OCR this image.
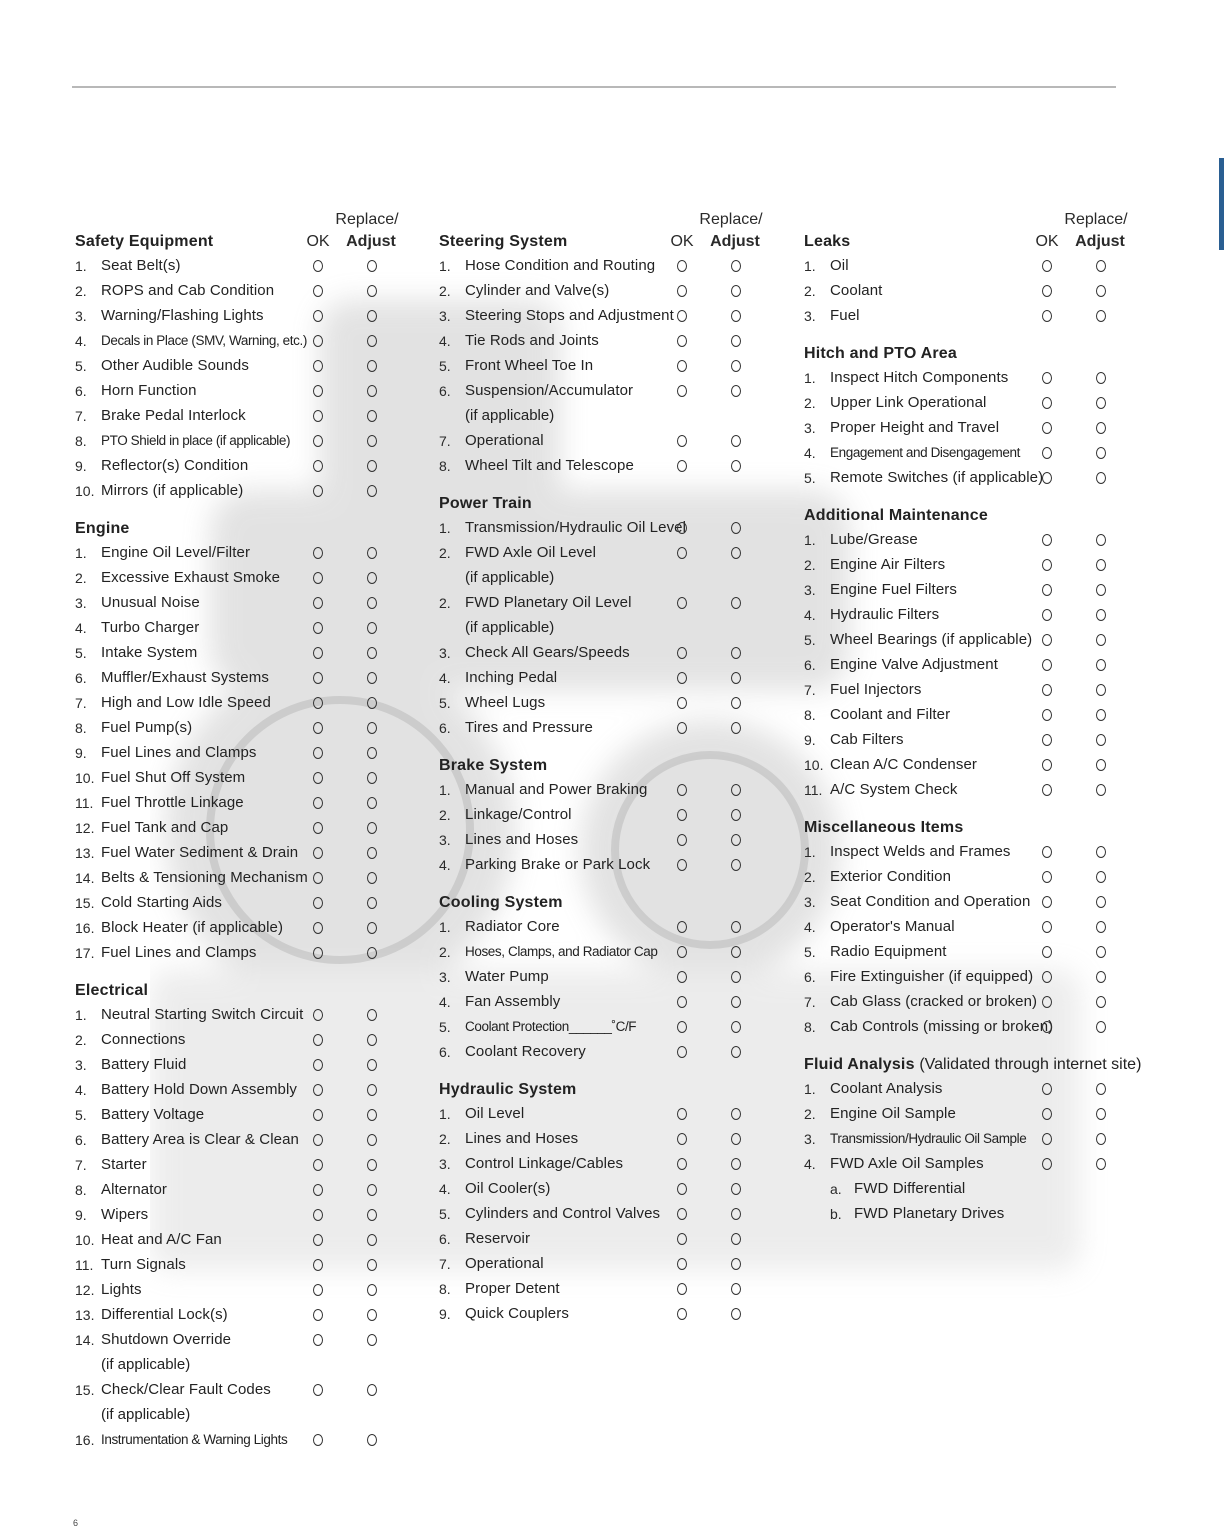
Replace/
Safety Equipment	OK	Adjust
1. Seat Belt(s)
2. ROPS and Cab Condition
3. Warning/Flashing Lights
4. Decals in Place (SMV, Warning, etc.)
5. Other Audible Sounds
6. Horn Function
7. Brake Pedal Interlock
8. PTO Shield in place (if applicable)
9. Reflector(s) Condition
10. Mirrors (if applicable)
Engine
1. Engine Oil Level/Filter
2. Excessive Exhaust Smoke
3. Unusual Noise
4. Turbo Charger
5. Intake System
6. Muffler/Exhaust Systems
7. High and Low Idle Speed
8. Fuel Pump(s)
9. Fuel Lines and Clamps
10. Fuel Shut Off System
11. Fuel Throttle Linkage
12. Fuel Tank and Cap
13. Fuel Water Sediment & Drain
14. Belts & Tensioning Mechanism
15. Cold Starting Aids
16. Block Heater (if applicable)
17. Fuel Lines and Clamps
Electrical
1. Neutral Starting Switch Circuit
2. Connections
3. Battery Fluid
4. Battery Hold Down Assembly
5. Battery Voltage
6. Battery Area is Clear & Clean
7. Starter
8. Alternator
9. Wipers
10. Heat and A/C Fan
11. Turn Signals
12. Lights
13. Differential Lock(s)
14. Shutdown Override
(if applicable)
15. Check/Clear Fault Codes
(if applicable)
16. Instrumentation & Warning Lights
Replace/
Steering System	OK	Adjust
1. Hose Condition and Routing
2. Cylinder and Valve(s)
3. Steering Stops and Adjustment
4. Tie Rods and Joints
5. Front Wheel Toe In
6. Suspension/Accumulator
(if applicable)
7. Operational
8. Wheel Tilt and Telescope
Power Train
1. Transmission/Hydraulic Oil Level
2. FWD Axle Oil Level
(if applicable)
2. FWD Planetary Oil Level
(if applicable)
3. Check All Gears/Speeds
4. Inching Pedal
5. Wheel Lugs
6. Tires and Pressure
Brake System
1. Manual and Power Braking
2. Linkage/Control
3. Lines and Hoses
4. Parking Brake or Park Lock
Cooling System
1. Radiator Core
2. Hoses, Clamps, and Radiator Cap
3. Water Pump
4. Fan Assembly
5. Coolant Protection______˚C/F
6. Coolant Recovery
Hydraulic System
1. Oil Level
2. Lines and Hoses
3. Control Linkage/Cables
4. Oil Cooler(s)
5. Cylinders and Control Valves
6. Reservoir
7. Operational
8. Proper Detent
9. Quick Couplers
Replace/
Leaks	OK	Adjust
1. Oil
2. Coolant
3. Fuel
Hitch and PTO Area
1. Inspect Hitch Components
2. Upper Link Operational
3. Proper Height and Travel
4. Engagement and Disengagement
5. Remote Switches (if applicable)
Additional Maintenance
1. Lube/Grease
2. Engine Air Filters
3. Engine Fuel Filters
4. Hydraulic Filters
5. Wheel Bearings (if applicable)
6. Engine Valve Adjustment
7. Fuel Injectors
8. Coolant and Filter
9. Cab Filters
10. Clean A/C Condenser
11. A/C System Check
Miscellaneous Items
1. Inspect Welds and Frames
2. Exterior Condition
3. Seat Condition and Operation
4. Operator's Manual
5. Radio Equipment
6. Fire Extinguisher (if equipped)
7. Cab Glass (cracked or broken)
8. Cab Controls (missing or broken)
Fluid Analysis (Validated through internet site)
1. Coolant Analysis
2. Engine Oil Sample
3. Transmission/Hydraulic Oil Sample
4. FWD Axle Oil Samples
a. FWD Differential
b. FWD Planetary Drives
6
